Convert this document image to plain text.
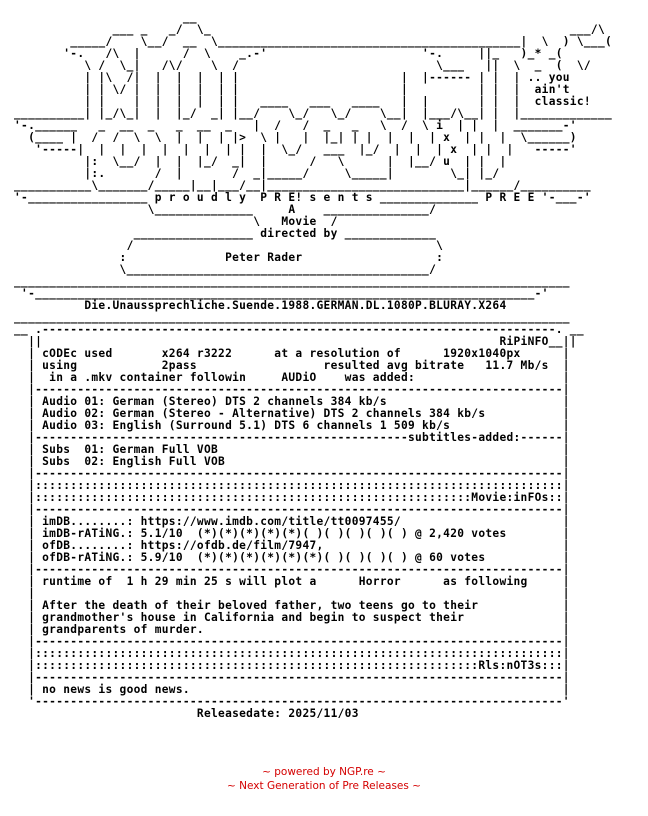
__
___ _   _/  \_                                                   ___/\
_____/    \__/  __  \___________________________________________|  \  ) \___(
'-.   /\  |      /  \    _.-'                      '-.     ||_   )_* _(
\ /  \_|   /\/    \  /                            \___   ||  \  _  (  \/
| |\  /|  |  |  |  | |                       |  |------ | |  | .. you
| | \/ |  |  |  |  | |                       |          | |  |  ain't
| |    |  |  |  |  | |   ____   ___   ____   |  |       | |  |  classic!
__________| |_/\_|  |  |_/  _| |__/    \_/   \_/    \__|  |___/\__| |  |_____________
'-.______   _  __  _   _  __  _   |  /   /  _   _   \  /  \ i  | |  |  _______-'
(____ |  /  /  \  \  |  |  | |>  \ |   |  |_| | |  |  |  | x  | |  |  \______)
'-----|  |  |  |  |  |  |  | |  |  \_/   ___  |_/  |  |  | x  | |  |   -----'
|:  \__/  |  |  |_/  _|  |      /   \      |  |__/ u  | |  |
|:.       /  |       /  _|_____/     \_____|        \_| |_/
___________\_______/_____|__|___/__|____________________________|______/__________
'-_________________ p r o u d l y  P R E! s e n t s ______________ P R E E '-___-'
\______________     A    _______________/
\   Movie  /
_________________ directed by _____________
/                                           \
:              Peter Rader                   :
\___________________________________________/
_______________________________________________________________________________
'-_______________________________________________________________________-'
Die.Unaussprechliche.Suende.1988.GERMAN.DL.1080P.BLURAY.X264
_______________________________________________________________________________
__ .-------------------------------------------------------------------------. __
||                                                                 RiPiNFO__||
| cODEc used       x264 r3222      at a resolution of      1920x1040px      |
| using            2pass                  resulted avg bitrate   11.7 Mb/s  |
|  in a .mkv container followin     AUDiO    was added:                     |
|---------------------------------------------------------------------------|
| Audio 01: German (Stereo) DTS 2 channels 384 kb/s                         |
| Audio 02: German (Stereo - Alternative) DTS 2 channels 384 kb/s           |
| Audio 03: English (Surround 5.1) DTS 6 channels 1 509 kb/s                |
|-----------------------------------------------------subtitles-added:------|
| Subs  01: German Full VOB                                                 |
| Subs  02: English Full VOB                                                |
|---------------------------------------------------------------------------|
|:::::::::::::::::::::::::::::::::::::::::::::::::::::::::::::::::::::::::::|
|::::::::::::::::::::::::::::::::::::::::::::::::::::::::::::::Movie:inFOs::|
|---------------------------------------------------------------------------|
| imDB........: https://www.imdb.com/title/tt0097455/                       |
| imDB-rATiNG.: 5.1/10  (*)(*)(*)(*)(*)( )( )( )( )( ) @ 2,420 votes        |
| ofDB........: https://ofdb.de/film/7947,                                  |
| ofDB-rATiNG.: 5.9/10  (*)(*)(*)(*)(*)(*)( )( )( )( ) @ 60 votes           |
|---------------------------------------------------------------------------|
| runtime of  1 h 29 min 25 s will plot a      Horror      as following     |
|                                                                           |
| After the death of their beloved father, two teens go to their            |
| grandmother's house in California and begin to suspect their              |
| grandparents of murder.                                                   |
|---------------------------------------------------------------------------|
|:::::::::::::::::::::::::::::::::::::::::::::::::::::::::::::::::::::::::::|
|:::::::::::::::::::::::::::::::::::::::::::::::::::::::::::::::Rls:nOT3s:::|
|---------------------------------------------------------------------------|
| no news is good news.                                                     |
'---------------------------------------------------------------------------'
Releasedate: 2025/11/03
~ powered by NGP.re ~
~ Next Generation of Pre Releases ~
